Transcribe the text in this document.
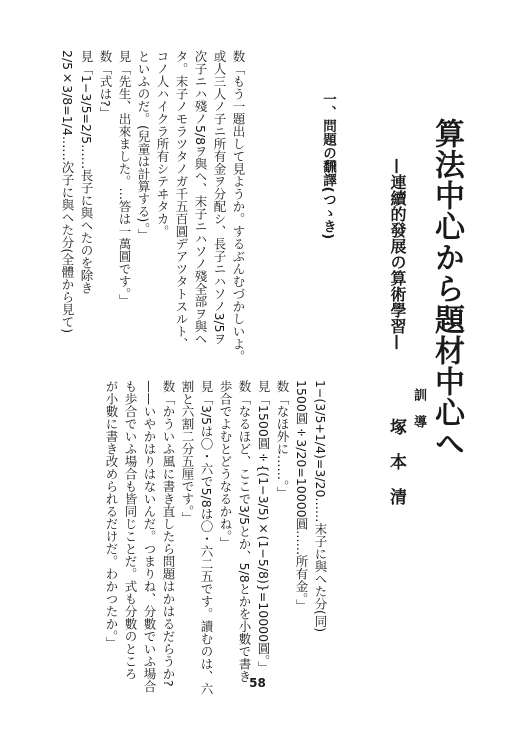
算法中心から題材中心へ
—連續的發展の算術學習—
訓導
塚本清
一、問題の飜譯(つゝき)
数「もう一題出して見ようか。するぶんむづかしいよ。
或人三人ノ子ニ所有金ヲ分配シ、長子ニハソノ3/5ヲ
次子ニハ殘ノ5/8ヲ與ヘ、末子ニハソノ殘全部ヲ與ヘ
タ。末子ノモラツタノガ千五百圓デアツタトスルト、
コノ人ハイクラ所有シテヰタカ。
といふのだ。(兒童は計算する)。」
見「先生、出來ました。…答は一萬圓です。」
数「式は?」
見「1−3/5=2/5……長子に與へたのを除き
2/5×3/8=1/4……次子に與へた分(全體から見て)
1−(3/5+1/4)=3/20……末子に與へた分(同)
1500圓÷3/20=10000圓……所有金。」
数「なほ外に……。」
見「1500圓÷{(1−3/5)×(1−5/8)}=10000圓。」
数「なるほど、ここで3/5とか、5/8とかを小數で書き
歩合でよむとどうなるかね。」
見「3/5は〇・六で5/8は〇・六二五です。讀むのは、六
割と六割二分五厘です。」
数「かういふ風に書き直したら問題はかはるだらうか?
——いやかはりはないんだ。つまりね、分數でいふ場合
も歩合でいふ場合も皆同じことだ。式も分數のところ
が小數に書き改められるだけだ。わかつたか。」
58
